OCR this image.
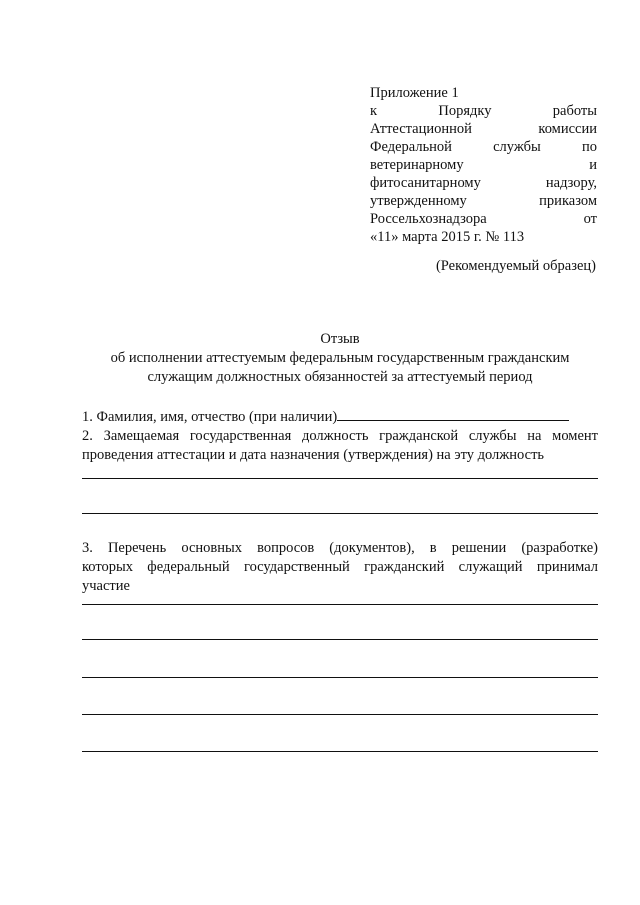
Приложение 1
к Порядку работы
Аттестационной комиссии
Федеральной службы по
ветеринарному и
фитосанитарному надзору,
утвержденному приказом
Россельхознадзора от
«11» марта 2015 г. № 113
(Рекомендуемый образец)
Отзыв
об исполнении аттестуемым федеральным государственным гражданским
служащим должностных обязанностей за аттестуемый период
1. Фамилия, имя, отчество (при наличии)
2. Замещаемая государственная должность гражданской службы на момент
проведения аттестации и дата назначения (утверждения) на эту должность
3. Перечень основных вопросов (документов), в решении (разработке)
которых федеральный государственный гражданский служащий принимал
участие
